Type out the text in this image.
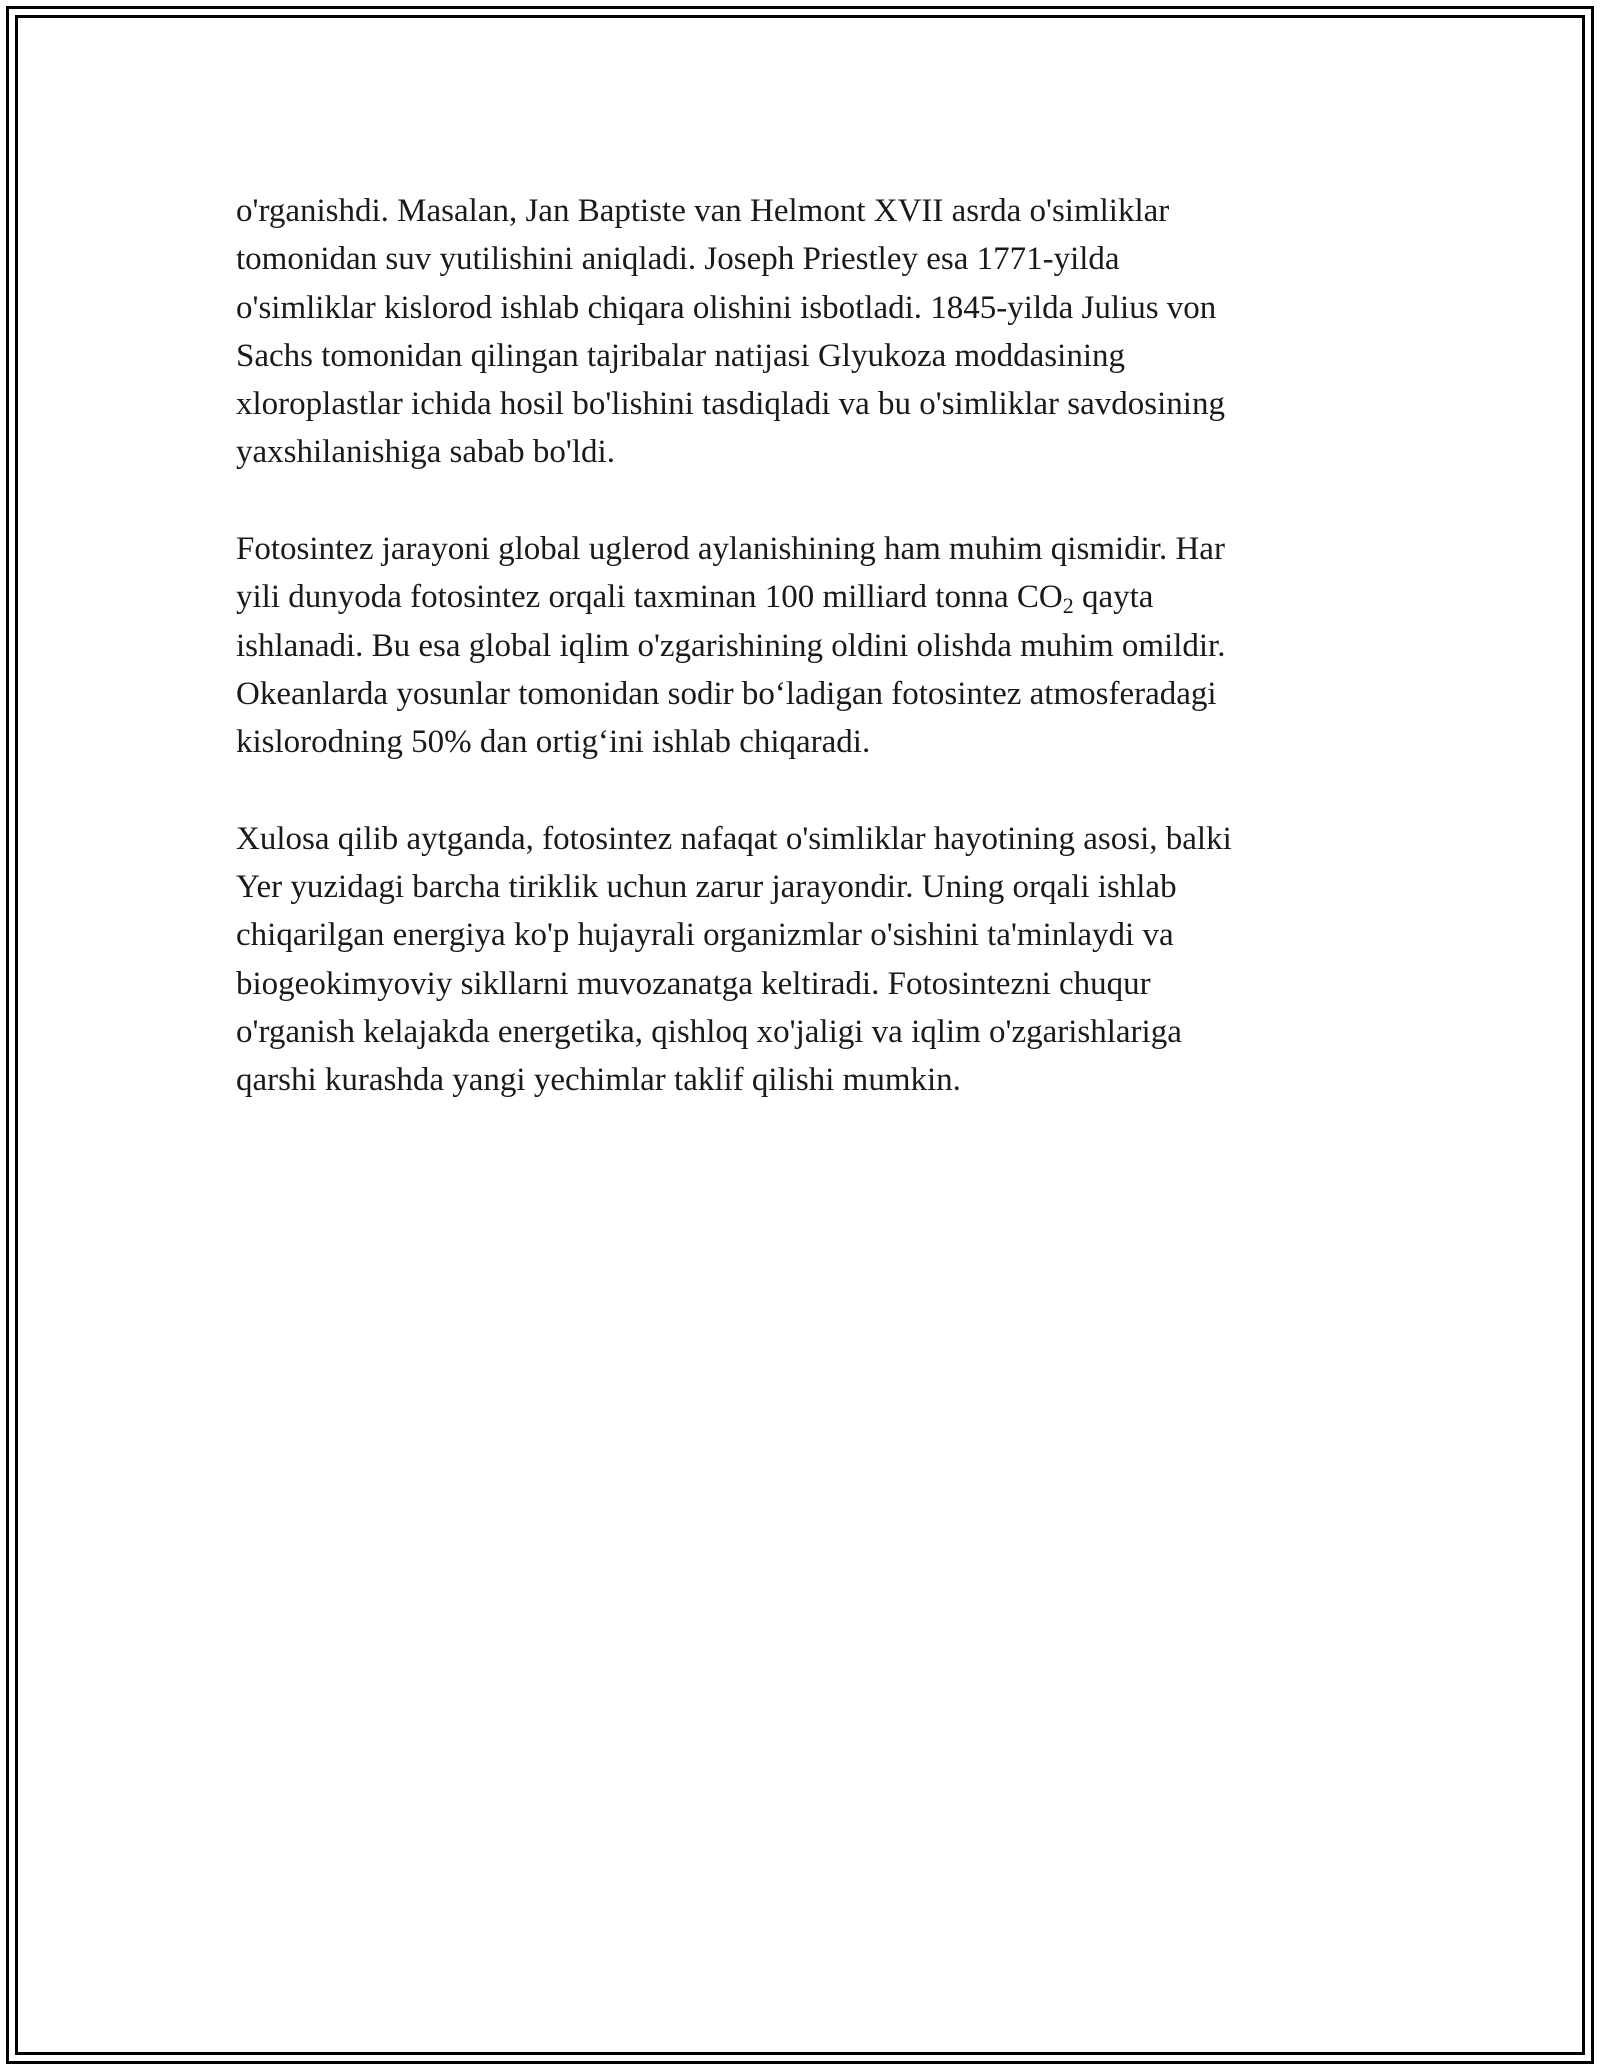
o'rganishdi. Masalan, Jan Baptiste van Helmont XVII asrda o'simliklar
tomonidan suv yutilishini aniqladi. Joseph Priestley esa 1771-yilda
o'simliklar kislorod ishlab chiqara olishini isbotladi. 1845-yilda Julius von
Sachs tomonidan qilingan tajribalar natijasi Glyukoza moddasining
xloroplastlar ichida hosil bo'lishini tasdiqladi va bu o'simliklar savdosining
yaxshilanishiga sabab bo'ldi.

Fotosintez jarayoni global uglerod aylanishining ham muhim qismidir. Har
yili dunyoda fotosintez orqali taxminan 100 milliard tonna $CO_2$ qayta
ishlanadi. Bu esa global iqlim o'zgarishining oldini olishda muhim omildir.
Okeanlarda yosunlar tomonidan sodir bo‘ladigan fotosintez atmosferadagi
kislorodning 50% dan ortig‘ini ishlab chiqaradi.

Xulosa qilib aytganda, fotosintez nafaqat o'simliklar hayotining asosi, balki
Yer yuzidagi barcha tiriklik uchun zarur jarayondir. Uning orqali ishlab
chiqarilgan energiya ko'p hujayrali organizmlar o'sishini ta'minlaydi va
biogeokimyoviy sikllarni muvozanatga keltiradi. Fotosintezni chuqur
o'rganish kelajakda energetika, qishloq xo'jaligi va iqlim o'zgarishlariga
qarshi kurashda yangi yechimlar taklif qilishi mumkin.
